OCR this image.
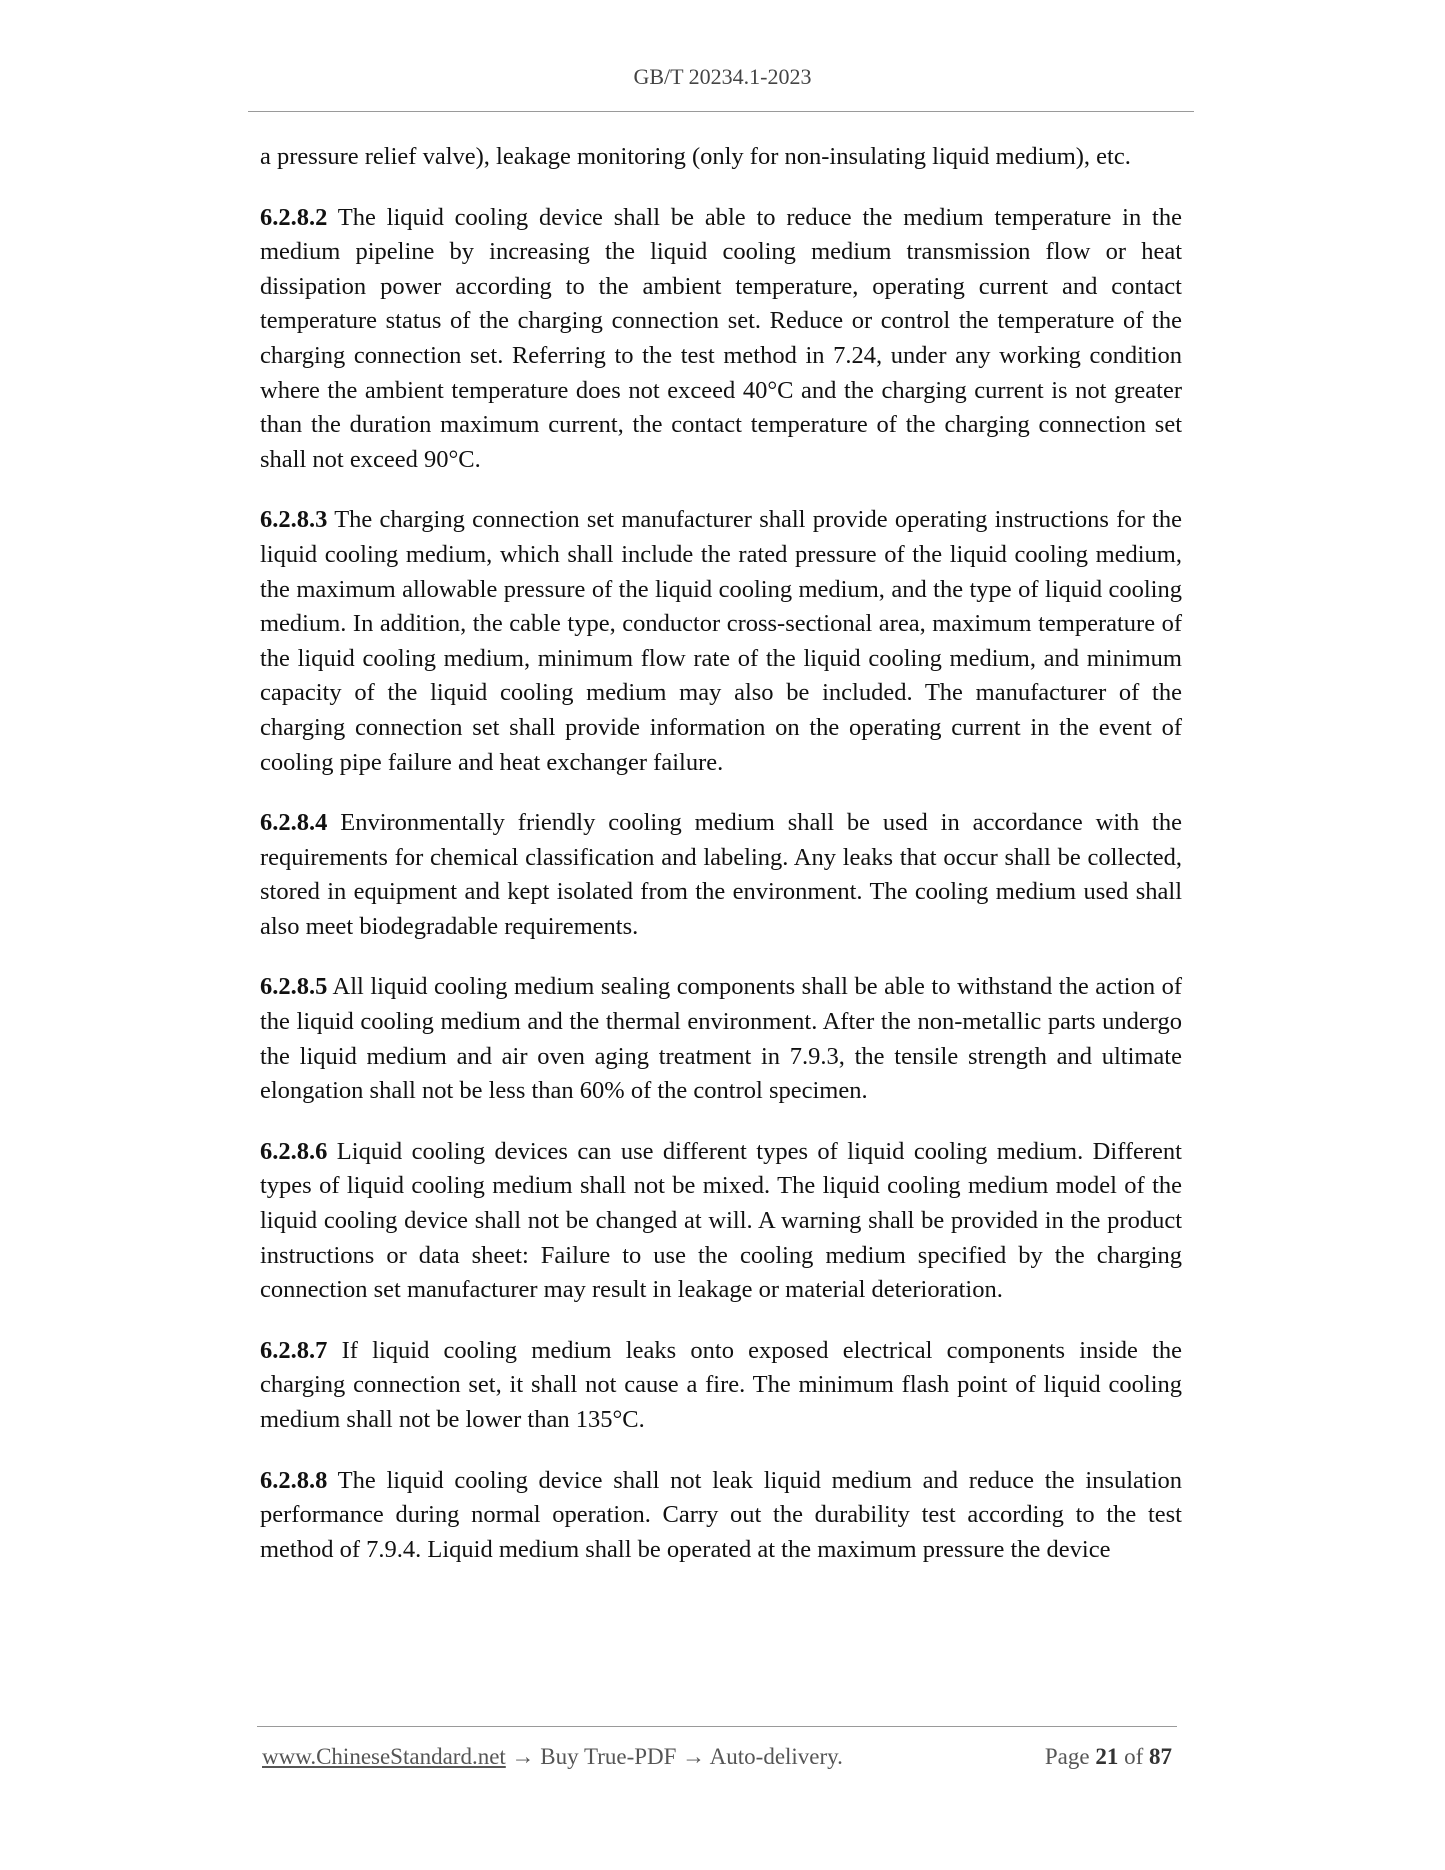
GB/T 20234.1-2023

a pressure relief valve), leakage monitoring (only for non-insulating liquid medium), etc.

6.2.8.2 The liquid cooling device shall be able to reduce the medium temperature in the medium pipeline by increasing the liquid cooling medium transmission flow or heat dissipation power according to the ambient temperature, operating current and contact temperature status of the charging connection set. Reduce or control the temperature of the charging connection set. Referring to the test method in 7.24, under any working condition where the ambient temperature does not exceed 40°C and the charging current is not greater than the duration maximum current, the contact temperature of the charging connection set shall not exceed 90°C.

6.2.8.3 The charging connection set manufacturer shall provide operating instructions for the liquid cooling medium, which shall include the rated pressure of the liquid cooling medium, the maximum allowable pressure of the liquid cooling medium, and the type of liquid cooling medium. In addition, the cable type, conductor cross-sectional area, maximum temperature of the liquid cooling medium, minimum flow rate of the liquid cooling medium, and minimum capacity of the liquid cooling medium may also be included. The manufacturer of the charging connection set shall provide information on the operating current in the event of cooling pipe failure and heat exchanger failure.

6.2.8.4 Environmentally friendly cooling medium shall be used in accordance with the requirements for chemical classification and labeling. Any leaks that occur shall be collected, stored in equipment and kept isolated from the environment. The cooling medium used shall also meet biodegradable requirements.

6.2.8.5 All liquid cooling medium sealing components shall be able to withstand the action of the liquid cooling medium and the thermal environment. After the non-metallic parts undergo the liquid medium and air oven aging treatment in 7.9.3, the tensile strength and ultimate elongation shall not be less than 60% of the control specimen.

6.2.8.6 Liquid cooling devices can use different types of liquid cooling medium. Different types of liquid cooling medium shall not be mixed. The liquid cooling medium model of the liquid cooling device shall not be changed at will. A warning shall be provided in the product instructions or data sheet: Failure to use the cooling medium specified by the charging connection set manufacturer may result in leakage or material deterioration.

6.2.8.7 If liquid cooling medium leaks onto exposed electrical components inside the charging connection set, it shall not cause a fire. The minimum flash point of liquid cooling medium shall not be lower than 135°C.

6.2.8.8 The liquid cooling device shall not leak liquid medium and reduce the insulation performance during normal operation. Carry out the durability test according to the test method of 7.9.4. Liquid medium shall be operated at the maximum pressure the device

www.ChineseStandard.net → Buy True-PDF → Auto-delivery.	Page 21 of 87
